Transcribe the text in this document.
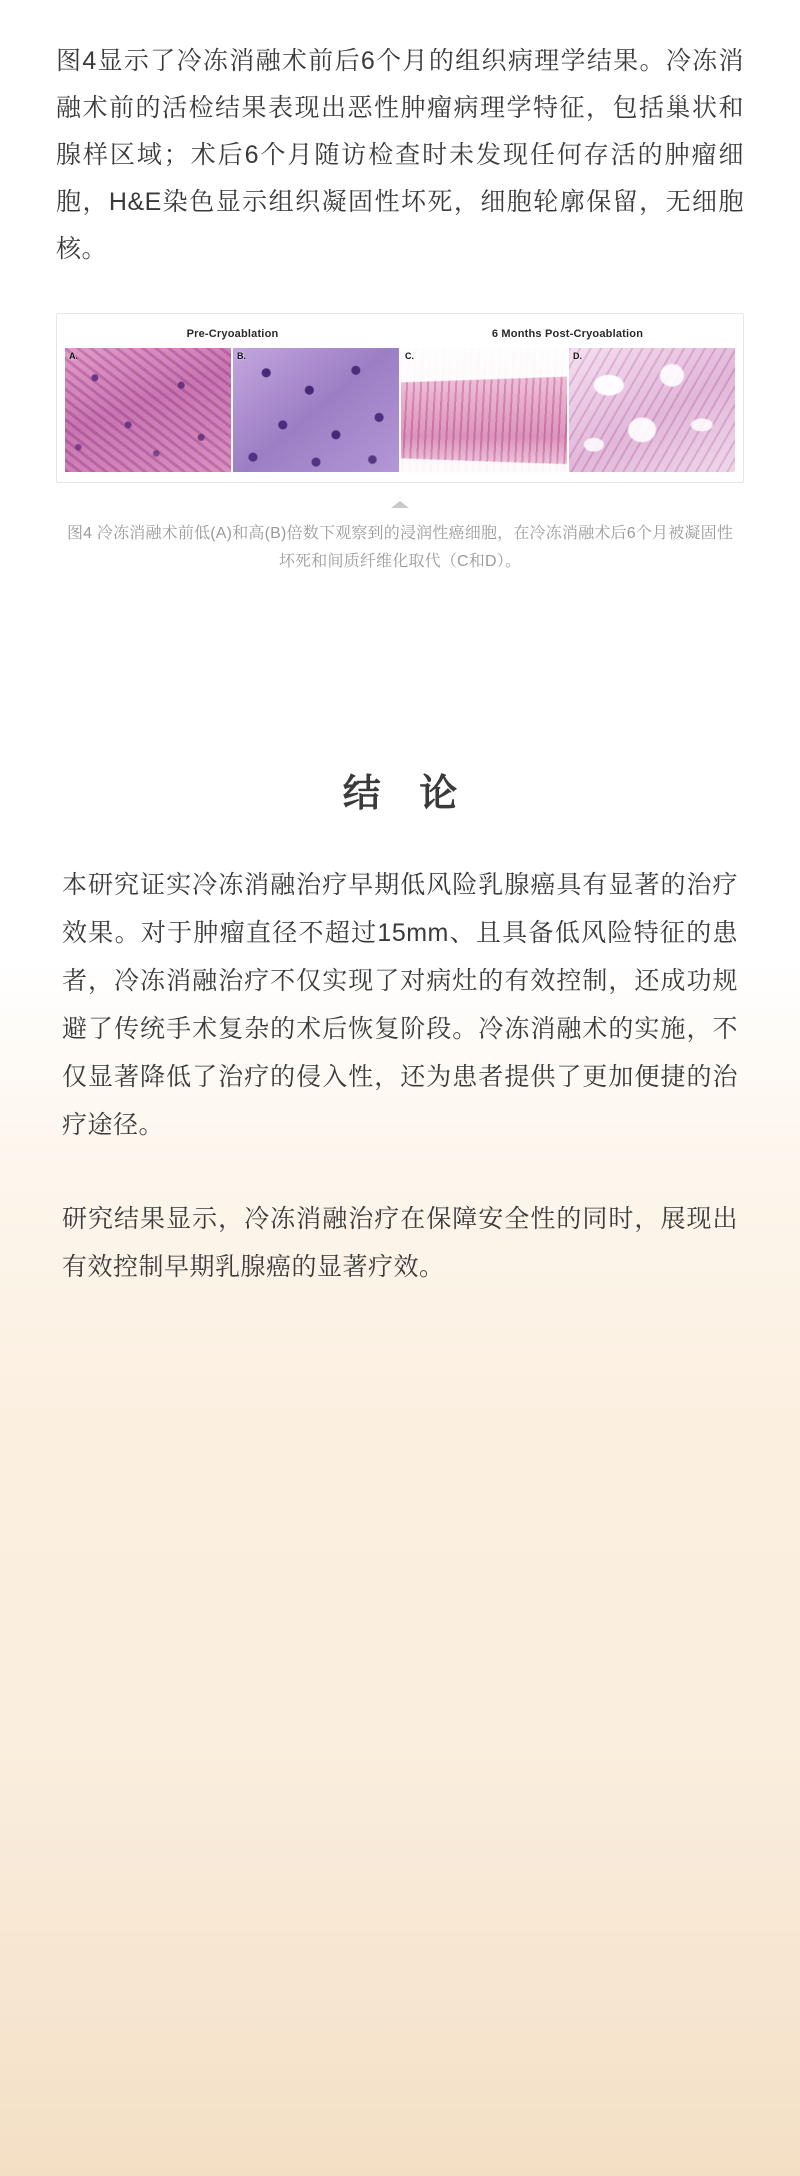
图4显示了冷冻消融术前后6个月的组织病理学结果。冷冻消融术前的活检结果表现出恶性肿瘤病理学特征，包括巢状和腺样区域；术后6个月随访检查时未发现任何存活的肿瘤细胞，H&E染色显示组织凝固性坏死，细胞轮廓保留，无细胞核。

Pre-Cryoablation	6 Months Post-Cryoablation
A.	B.	C.	D.
图4 冷冻消融术前低(A)和高(B)倍数下观察到的浸润性癌细胞，在冷冻消融术后6个月被凝固性坏死和间质纤维化取代（C和D）。
结 论

本研究证实冷冻消融治疗早期低风险乳腺癌具有显著的治疗效果。对于肿瘤直径不超过15mm、且具备低风险特征的患者，冷冻消融治疗不仅实现了对病灶的有效控制，还成功规避了传统手术复杂的术后恢复阶段。冷冻消融术的实施，不仅显著降低了治疗的侵入性，还为患者提供了更加便捷的治疗途径。

研究结果显示，冷冻消融治疗在保障安全性的同时，展现出有效控制早期乳腺癌的显著疗效。
